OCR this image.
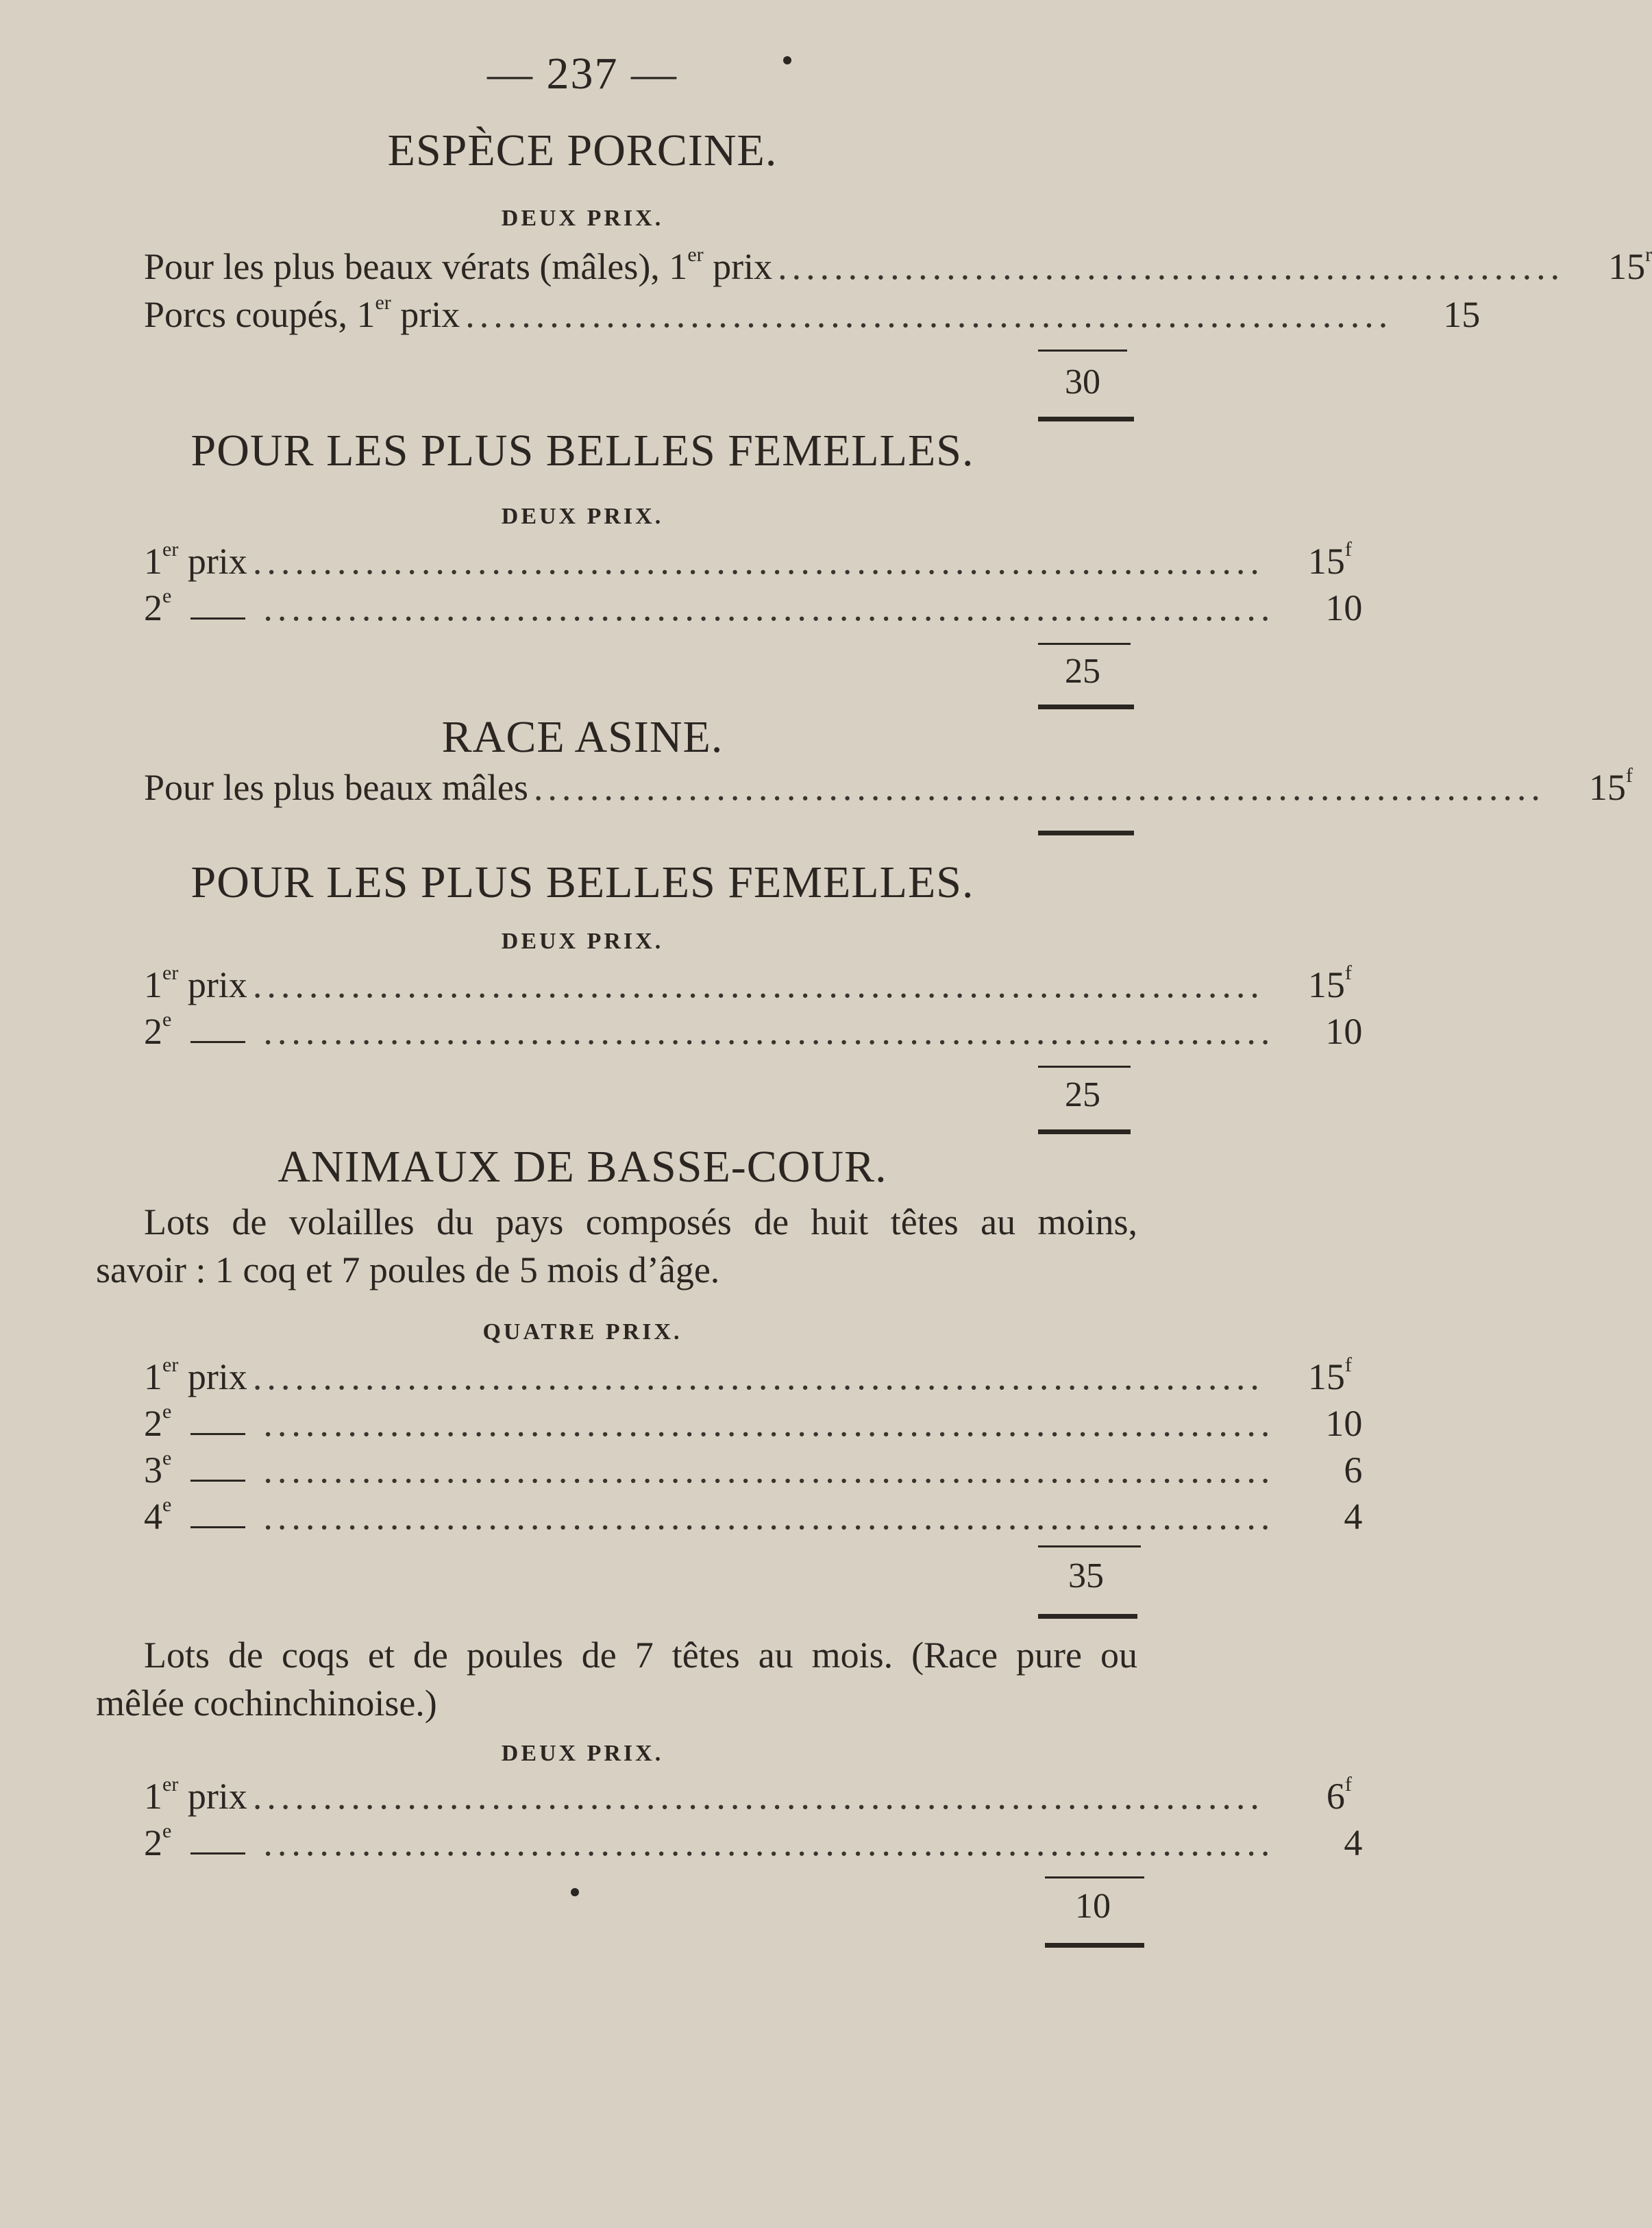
— 237 —
ESPÈCE PORCINE.
DEUX PRIX.
Pour les plus beaux vérats (mâles), 1er prix ........................................................	15$^r$
Porcs coupés, 1er prix ..................................................................	15
30
POUR LES PLUS BELLES FEMELLES.
DEUX PRIX.
1er prix ........................................................................	15$^f$
2e ........................................................................	10
25
RACE ASINE.
Pour les plus beaux mâles ........................................................................	15$^f$
POUR LES PLUS BELLES FEMELLES.
DEUX PRIX.
1er prix ........................................................................	15$^f$
2e ........................................................................	10
25
ANIMAUX DE BASSE-COUR.
Lots de volailles du pays composés de huit têtes au moins,
savoir : 1 coq et 7 poules de 5 mois d’âge.
QUATRE PRIX.
1er prix ........................................................................	15$^f$
2e ........................................................................	10
3e ........................................................................	6
4e ........................................................................	4
35
Lots de coqs et de poules de 7 têtes au mois. (Race pure ou
mêlée cochinchinoise.)
DEUX PRIX.
1er prix ........................................................................	6$^f$
2e ........................................................................	4
10
